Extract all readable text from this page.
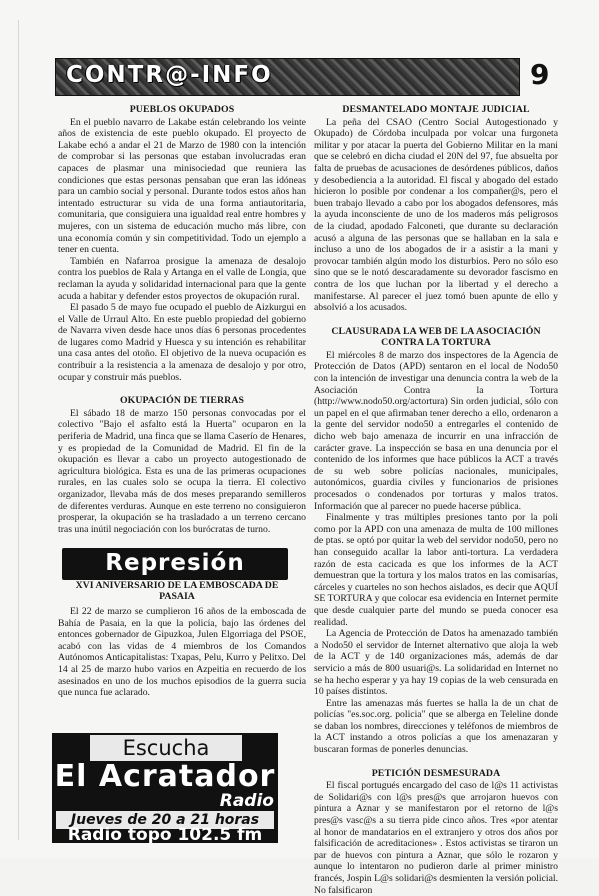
CONTR@-INFO	9
PUEBLOS OKUPADOS
En el pueblo navarro de Lakabe están celebrando los veinte años de existencia de este pueblo okupado. El proyecto de Lakabe echó a andar el 21 de Marzo de 1980 con la intención de comprobar si las personas que estaban involucradas eran capaces de plasmar una minisociedad que reuniera las condiciones que estas personas pensaban que eran las idóneas para un cambio social y personal. Durante todos estos años han intentado estructurar su vida de una forma antiautoritaria, comunitaria, que consiguiera una igualdad real entre hombres y mujeres, con un sistema de educación mucho más libre, con una economía común y sin competitividad. Todo un ejemplo a tener en cuenta.
También en Nafarroa prosigue la amenaza de desalojo contra los pueblos de Rala y Artanga en el valle de Longia, que reclaman la ayuda y solidaridad internacional para que la gente acuda a habitar y defender estos proyectos de okupación rural.
El pasado 5 de mayo fue ocupado el pueblo de Aizkurgui en el Valle de Urraul Alto. En este pueblo propiedad del gobierno de Navarra viven desde hace unos días 6 personas procedentes de lugares como Madrid y Huesca y su intención es rehabilitar una casa antes del otoño. El objetivo de la nueva ocupación es contribuir a la resistencia a la amenaza de desalojo y por otro, ocupar y construir más pueblos.
OKUPACIÓN DE TIERRAS
El sábado 18 de marzo 150 personas convocadas por el colectivo "Bajo el asfalto está la Huerta" ocuparon en la periferia de Madrid, una finca que se llama Caserío de Henares, y es propiedad de la Comunidad de Madrid. El fin de la okupación es llevar a cabo un proyecto autogestionado de agricultura biológica. Esta es una de las primeras ocupaciones rurales, en las cuales solo se ocupa la tierra. El colectivo organizador, llevaba más de dos meses preparando semilleros de diferentes verduras. Aunque en este terreno no consiguieron prosperar, la okupación se ha trasladado a un terreno cercano tras una inútil negociación con los burócratas de turno.
Represión
XVI ANIVERSARIO DE LA EMBOSCADA DE PASAIA
El 22 de marzo se cumplieron 16 años de la emboscada de Bahía de Pasaia, en la que la policía, bajo las órdenes del entonces gobernador de Gipuzkoa, Julen Elgorriaga del PSOE, acabó con las vidas de 4 miembros de los Comandos Autónomos Anticapitalistas: Txapas, Pelu, Kurro y Pelitxo. Del 14 al 25 de marzo hubo varios en Azpeitia en recuerdo de los asesinados en uno de los muchos episodios de la guerra sucia que nunca fue aclarado.
Escucha
El Acratador
Radio
Jueves de 20 a 21 horas
Radio topo 102.5 fm
DESMANTELADO MONTAJE JUDICIAL
La peña del CSAO (Centro Social Autogestionado y Okupado) de Córdoba inculpada por volcar una furgoneta militar y por atacar la puerta del Gobierno Militar en la mani que se celebró en dicha ciudad el 20N del 97, fue absuelta por falta de pruebas de acusaciones de desórdenes públicos, daños y desobediencia a la autoridad. El fiscal y abogado del estado hicieron lo posible por condenar a los compañer@s, pero el buen trabajo llevado a cabo por los abogados defensores, más la ayuda inconsciente de uno de los maderos más peligrosos de la ciudad, apodado Falconeti, que durante su declaración acusó a alguna de las personas que se hallaban en la sala e incluso a uno de los abogados de ir a asistir a la mani y provocar también algún modo los disturbios. Pero no sólo eso sino que se le notó descaradamente su devorador fascismo en contra de los que luchan por la libertad y el derecho a manifestarse. Al parecer el juez tomó buen apunte de ello y absolvió a los acusados.
CLAUSURADA LA WEB DE LA ASOCIACIÓN CONTRA LA TORTURA
El miércoles 8 de marzo dos inspectores de la Agencia de Protección de Datos (APD) sentaron en el local de Nodo50 con la intención de investigar una denuncia contra la web de la Asociación Contra la Tortura (http://www.nodo50.org/actortura) Sin orden judicial, sólo con un papel en el que afirmaban tener derecho a ello, ordenaron a la gente del servidor nodo50 a entregarles el contenido de dicho web bajo amenaza de incurrir en una infracción de carácter grave. La inspección se basa en una denuncia por el contenido de los informes que hace públicos la ACT a través de su web sobre policías nacionales, municipales, autonómicos, guardia civiles y funcionarios de prisiones procesados o condenados por torturas y malos tratos. Información que al parecer no puede hacerse pública.
Finalmente y tras múltiples presiones tanto por la poli como por la APD con una amenaza de multa de 100 millones de ptas. se optó por quitar la web del servidor nodo50, pero no han conseguido acallar la labor anti-tortura. La verdadera razón de esta cacicada es que los informes de la ACT demuestran que la tortura y los malos tratos en las comisarías, cárceles y cuarteles no son hechos aislados, es decir que AQUÍ SE TORTURA y que colocar esa evidencia en Internet permite que desde cualquier parte del mundo se pueda conocer esa realidad.
La Agencia de Protección de Datos ha amenazado también a Nodo50 el servidor de Internet alternativo que aloja la web de la ACT y de 140 organizaciones más, además de dar servicio a más de 800 usuari@s. La solidaridad en Internet no se ha hecho esperar y ya hay 19 copias de la web censurada en 10 países distintos.
Entre las amenazas más fuertes se halla la de un chat de policías "es.soc.org. policia" que se alberga en Teleline donde se daban los nombres, direcciones y teléfonos de miembros de la ACT instando a otros policías a que los amenazaran y buscaran formas de ponerles denuncias.
PETICIÓN DESMESURADA
El fiscal portugués encargado del caso de l@s 11 activistas de Solidari@s con l@s pres@s que arrojaron huevos con pintura a Aznar y se manifestaron por el retorno de l@s pres@s vasc@s a su tierra pide cinco años. Tres «por atentar al honor de mandatarios en el extranjero y otros dos años por falsificación de acreditaciones» . Estos activistas se tiraron un par de huevos con pintura a Aznar, que sólo le rozaron y aunque lo intentaron no pudieron darle al primer ministro francés, Jospin L@s solidari@s desmienten la versión policial. No falsificaron
